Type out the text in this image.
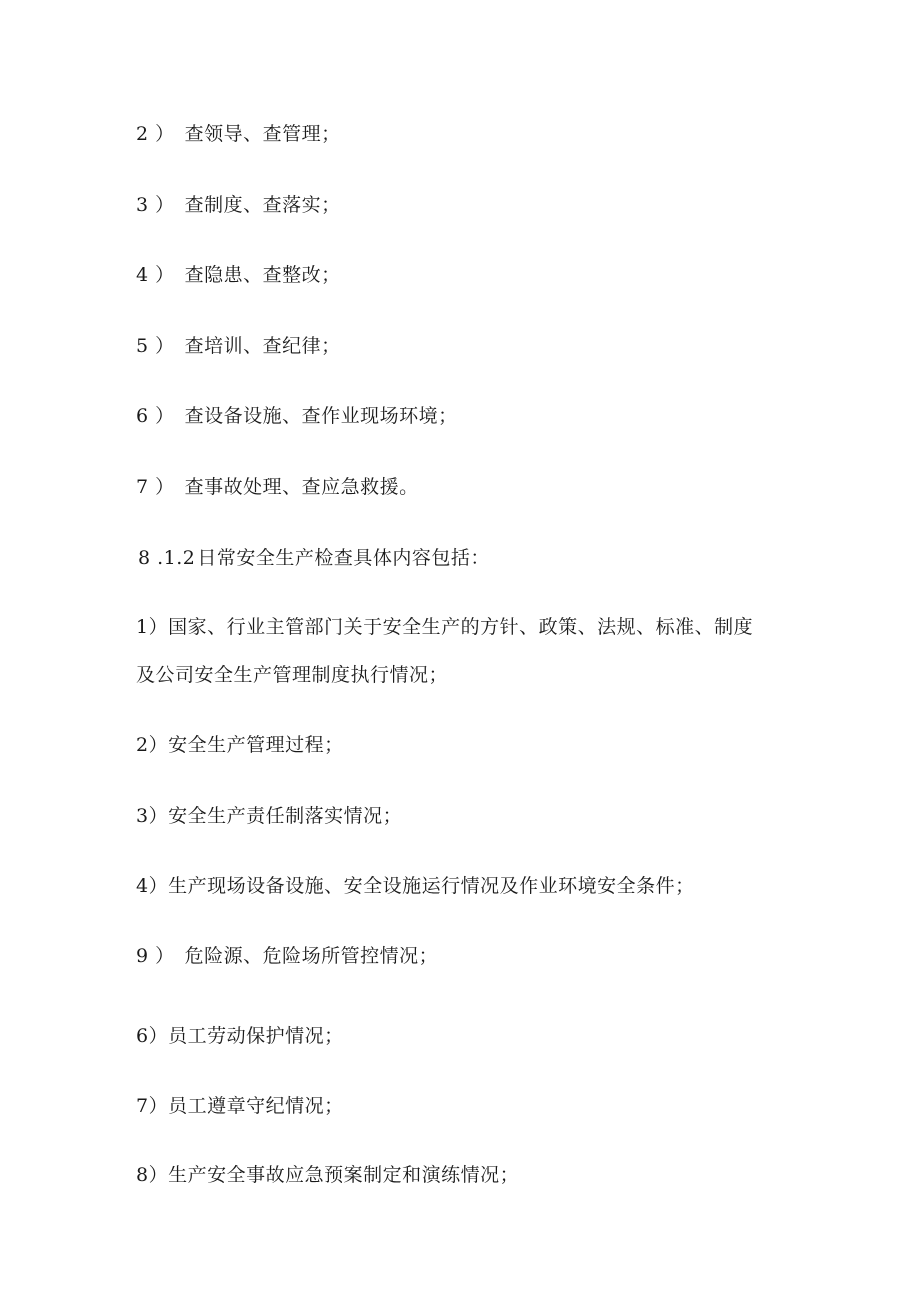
2 ） 查领导、查管理；
3 ） 查制度、查落实；
4 ） 查隐患、查整改；
5 ） 查培训、查纪律；
6 ） 查设备设施、查作业现场环境；
7 ） 查事故处理、查应急救援。
8 .1.2 日常安全生产检查具体内容包括：
1）国家、行业主管部门关于安全生产的方针、政策、法规、标准、制度
及公司安全生产管理制度执行情况；
2）安全生产管理过程；
3）安全生产责任制落实情况；
4）生产现场设备设施、安全设施运行情况及作业环境安全条件；
9 ） 危险源、危险场所管控情况；
6）员工劳动保护情况；
7）员工遵章守纪情况；
8）生产安全事故应急预案制定和演练情况；
